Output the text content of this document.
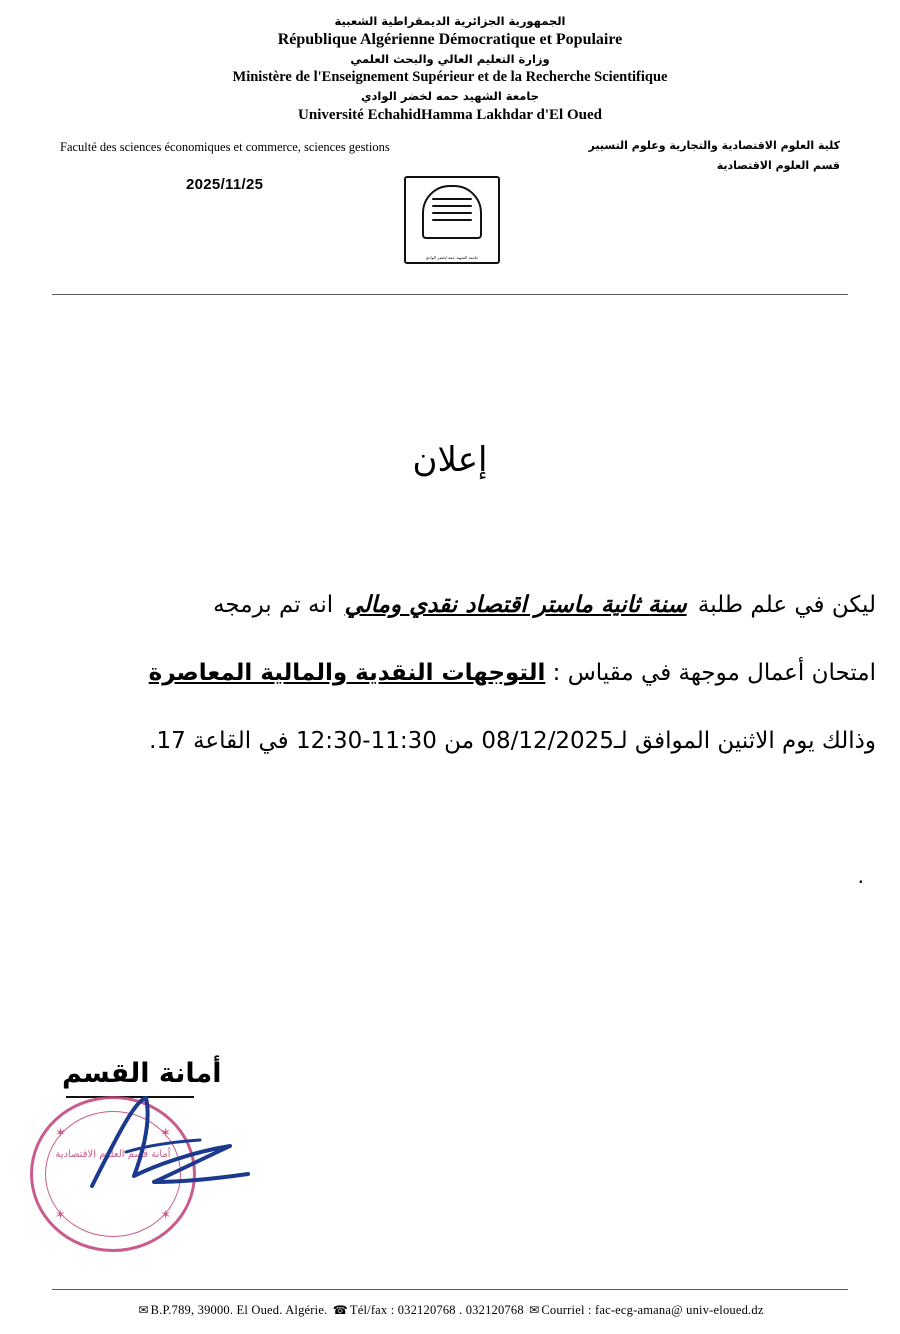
الجمهورية الجزائرية الديمقراطية الشعبية
République Algérienne Démocratique et Populaire
وزارة التعليم العالي والبحث العلمي
Ministère de l'Enseignement Supérieur et de la Recherche Scientifique
جامعة الشهيد حمه لخضر الوادي
Université EchahidHamma Lakhdar d'El Oued
Faculté des sciences économiques et commerce, sciences gestions	كلية العلوم الاقتصادية والتجارية وعلوم التسيير
قسم العلوم الاقتصادية
2025/11/25
جامعة الشهيد حمه لخضر الوادي
إعلان

ليكن في علم طلبة سنة ثانية ماستر اقتصاد نقدي ومالي انه تم برمجه

امتحان أعمال موجهة في مقياس : التوجهات النقدية والمالية المعاصرة

وذالك يوم الاثنين الموافق لـ08/12/2025 من 11:30-12:30 في القاعة 17.

.
أمانة القسم
✶	✶
✶	✶
أمانة قسم العلوم الاقتصادية
✉ B.P.789, 39000. El Oued. Algérie. ☎ Tél/fax : 032120768 . 032120768 ✉ Courriel : fac-ecg-amana@ univ-eloued.dz
